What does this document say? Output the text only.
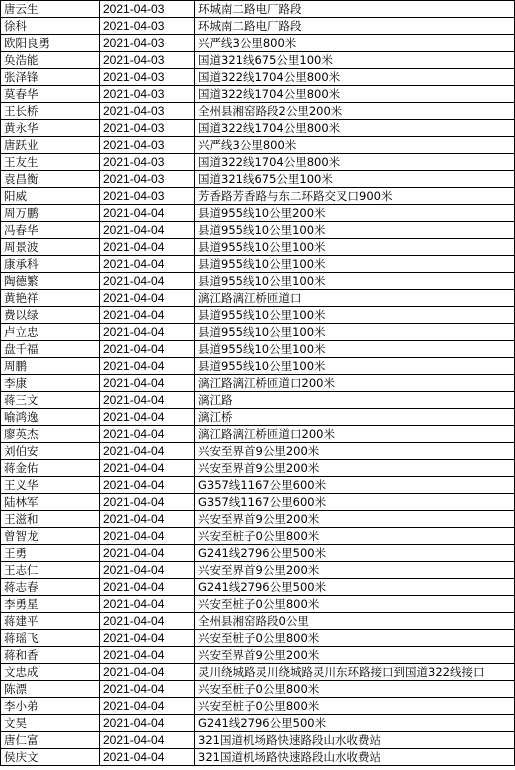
唐云生	2021-04-03	环城南二路电厂路段
徐科	2021-04-03	环城南二路电厂路段
欧阳良勇	2021-04-03	兴严线3公里800米
奂浩能	2021-04-03	国道321线675公里100米
张泽锋	2021-04-03	国道322线1704公里800米
莫春华	2021-04-03	国道322线1704公里800米
王长桥	2021-04-03	全州县湘窑路段2公里200米
黄永华	2021-04-03	国道322线1704公里800米
唐跃业	2021-04-03	兴严线3公里800米
王友生	2021-04-03	国道322线1704公里800米
袁昌衡	2021-04-03	国道321线675公里100米
阳威	2021-04-03	芳香路芳香路与东二环路交叉口900米
周万鹏	2021-04-04	县道955线10公里200米
冯春华	2021-04-04	县道955线10公里100米
周景波	2021-04-04	县道955线10公里100米
康承科	2021-04-04	县道955线10公里100米
陶德繁	2021-04-04	县道955线10公里100米
黄艳祥	2021-04-04	漓江路漓江桥匝道口
费以绿	2021-04-04	县道955线10公里100米
卢立忠	2021-04-04	县道955线10公里100米
盘千福	2021-04-04	县道955线10公里100米
周鹏	2021-04-04	县道955线10公里100米
李康	2021-04-04	漓江路漓江桥匝道口200米
蒋三文	2021-04-04	漓江路
喻鸿逸	2021-04-04	漓江桥
廖英杰	2021-04-04	漓江路漓江桥匝道口200米
刘伯安	2021-04-04	兴安至界首9公里200米
蒋金佑	2021-04-04	兴安至界首9公里200米
王义华	2021-04-04	G357线1167公里600米
陆林军	2021-04-04	G357线1167公里600米
王滋和	2021-04-04	兴安至界首9公里200米
曾智龙	2021-04-04	兴安至桩子0公里800米
王勇	2021-04-04	G241线2796公里500米
王志仁	2021-04-04	兴安至界首9公里200米
蒋志春	2021-04-04	G241线2796公里500米
李勇星	2021-04-04	兴安至桩子0公里800米
蒋建平	2021-04-04	全州县湘窑路段0公里
蒋瑶飞	2021-04-04	兴安至桩子0公里800米
蒋和香	2021-04-04	兴安至界首9公里200米
文忠成	2021-04-04	灵川绕城路灵川绕城路灵川东环路接口到国道322线接口
陈漂	2021-04-04	兴安至桩子0公里800米
李小弟	2021-04-04	兴安至桩子0公里800米
文昊	2021-04-04	G241线2796公里500米
唐仁富	2021-04-04	321国道机场路快速路段山水收费站
侯庆文	2021-04-04	321国道机场路快速路段山水收费站
